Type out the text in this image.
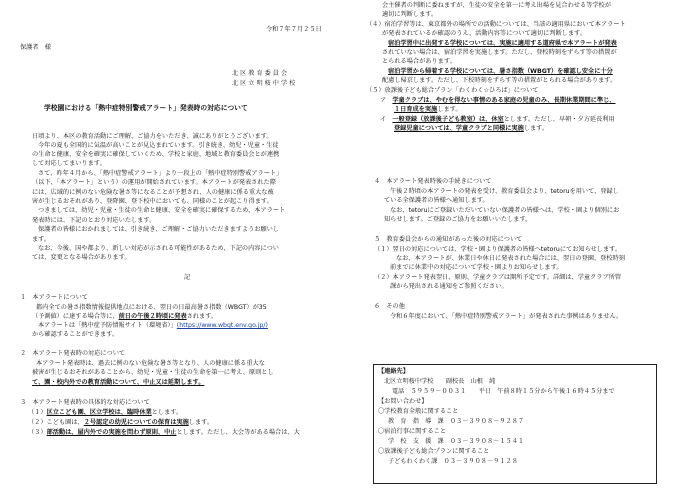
令和７年７月２５日
保護者　様
北 区 教 育 委 員 会
北 区 立 明 桜 中 学 校
学校園における「熱中症特別警戒アラート」発表時の対応について
日頃より、本区の教育活動にご理解、ご協力をいただき、誠にありがとうございます。
今年の夏も全国的に気温が高いことが見込まれています。引き続き、幼児・児童・生徒
の生命と健康、安全を確実に確保していくため、学校と家庭、地域と教育委員会とが連携
して対応してまいります。
さて、昨年４月から、「熱中症警戒アラート」より一段上の「熱中症特別警戒アラート」
（以下、「本アラート」という）の運用が開始されています。本アラートが発表された際
には、広域的に例のない危険な暑さ等になることが予想され、人の健康に係る重大な被
害が生じるおそれがあり、登降園、登下校中においても、同様のことが起こり得ます。
つきましては、幼児・児童・生徒の生命と健康、安全を確実に確保するため、本アラート
発表時には、下記のとおり対応いたします。
保護者の皆様におかれましては、引き続き、ご理解・ご協力いただきますようお願いし
ます。
なお、今後、国や都より、新しい対応が示される可能性があるため、下記の内容につい
ては、変更となる場合があります。
記
１　本アラートについて
都内全ての暑さ指数情報提供地点における、翌日の日最高暑さ指数（WBGT）が35
（予測値）に達する場合等に、前日の午後２時頃に発表されます。
本アラートは「熱中症予防情報サイト（環境省）」(https://www.wbgt.env.go.jp/)
から確認することができます。
２　本アラート発表時の対応について
本アラート発表時は、過去に例のない危険な暑さ等となり、人の健康に係る重大な
被害が生じるおそれがあることから、幼児・児童・生徒の生命を第一に考え、原則とし
て、園・校内外での教育活動について、中止又は延期します。
３　本アラート発表時の具体的な対応について
（１）区立こども園、区立学校は、臨時休業とします。
（２）こども園は、２号認定の幼児についての保育は実施します。
（３）部活動は、屋内外での実施を問わず原則、中止とします。ただし、大会等がある場合は、大
会主催者の判断に委ねますが、生徒の安全を第一に考え出場を見合わせる等学校が
適切に判断します。
（４）宿泊学習等は、東京都外の場所での活動については、当該の適用県において本アラート
が発表されているか確認のうえ、活動内容等について適切に判断します。
宿泊学習中に出発する学校については、実施に適用する道府県で本アラートが発表
されていない場合は、宿泊学習を実施します。ただし、登校時刻をずらす等の措置が
とられる場合があります。
宿泊学習から帰着する学校については、暑さ指数（WBGT）を確認し安全に十分
配慮し帰京します。ただし、下校時刻をずらす等の措置がとられる場合があります。
（５）放課後子ども総合プラン「わくわく☆ひろば」について
ア　学童クラブは、やむを得ない事情のある家庭の児童のみ、長期休業期間に準じ、
１日育成を実施します。
イ　一般登録（放課後子ども教室）は、休室とします。ただし、早朝・夕方延長利用
登録児童については、学童クラブと同様に実施します。
４　本アラート発表時後の手続きについて
午後２時頃の本アラートの発表を受け、教育委員会より、tetoruを用いて、登録し
ている全保護者の皆様へ通知します。
なお、tetoruにご登録いただいていない保護者の皆様へは、学校・園より個別にお
知らせします。ご登録のご協力をお願いいたします。
５　教育委員会からの通知があった後の対応について
（１）翌日の対応については、学校・園より保護者の皆様へtetoruにてお知らせします。
なお、本アラートが、休業日や休日に発表された場合には、翌日の登園、登校時刻
前までに休業中の対応について学校・園よりお知らせします。
（２）本アラート発表翌日、原則、学童クラブは開所予定です。詳細は、学童クラブ所管
課から発出される通知をご参照ください。
６　その他
令和６年度において、「熱中症特別警戒アラート」が発表された事例はありません。
【連絡先】
北区立明桜中学校　　副校長　山根　純
電話　５９５９－００３１　　平日　午前８時１５分から午後１６時４５分まで
【お問い合わせ】
〇学校教育全般に関すること
教　育　指　導　課　０３－３９０８－９２８７
〇宿泊行事に関すること
学　校　支　援　課　０３－３９０８－１５４１
〇放課後子ども総合プランに関すること
子どもわくわく課　０３－３９０８－９１２８
